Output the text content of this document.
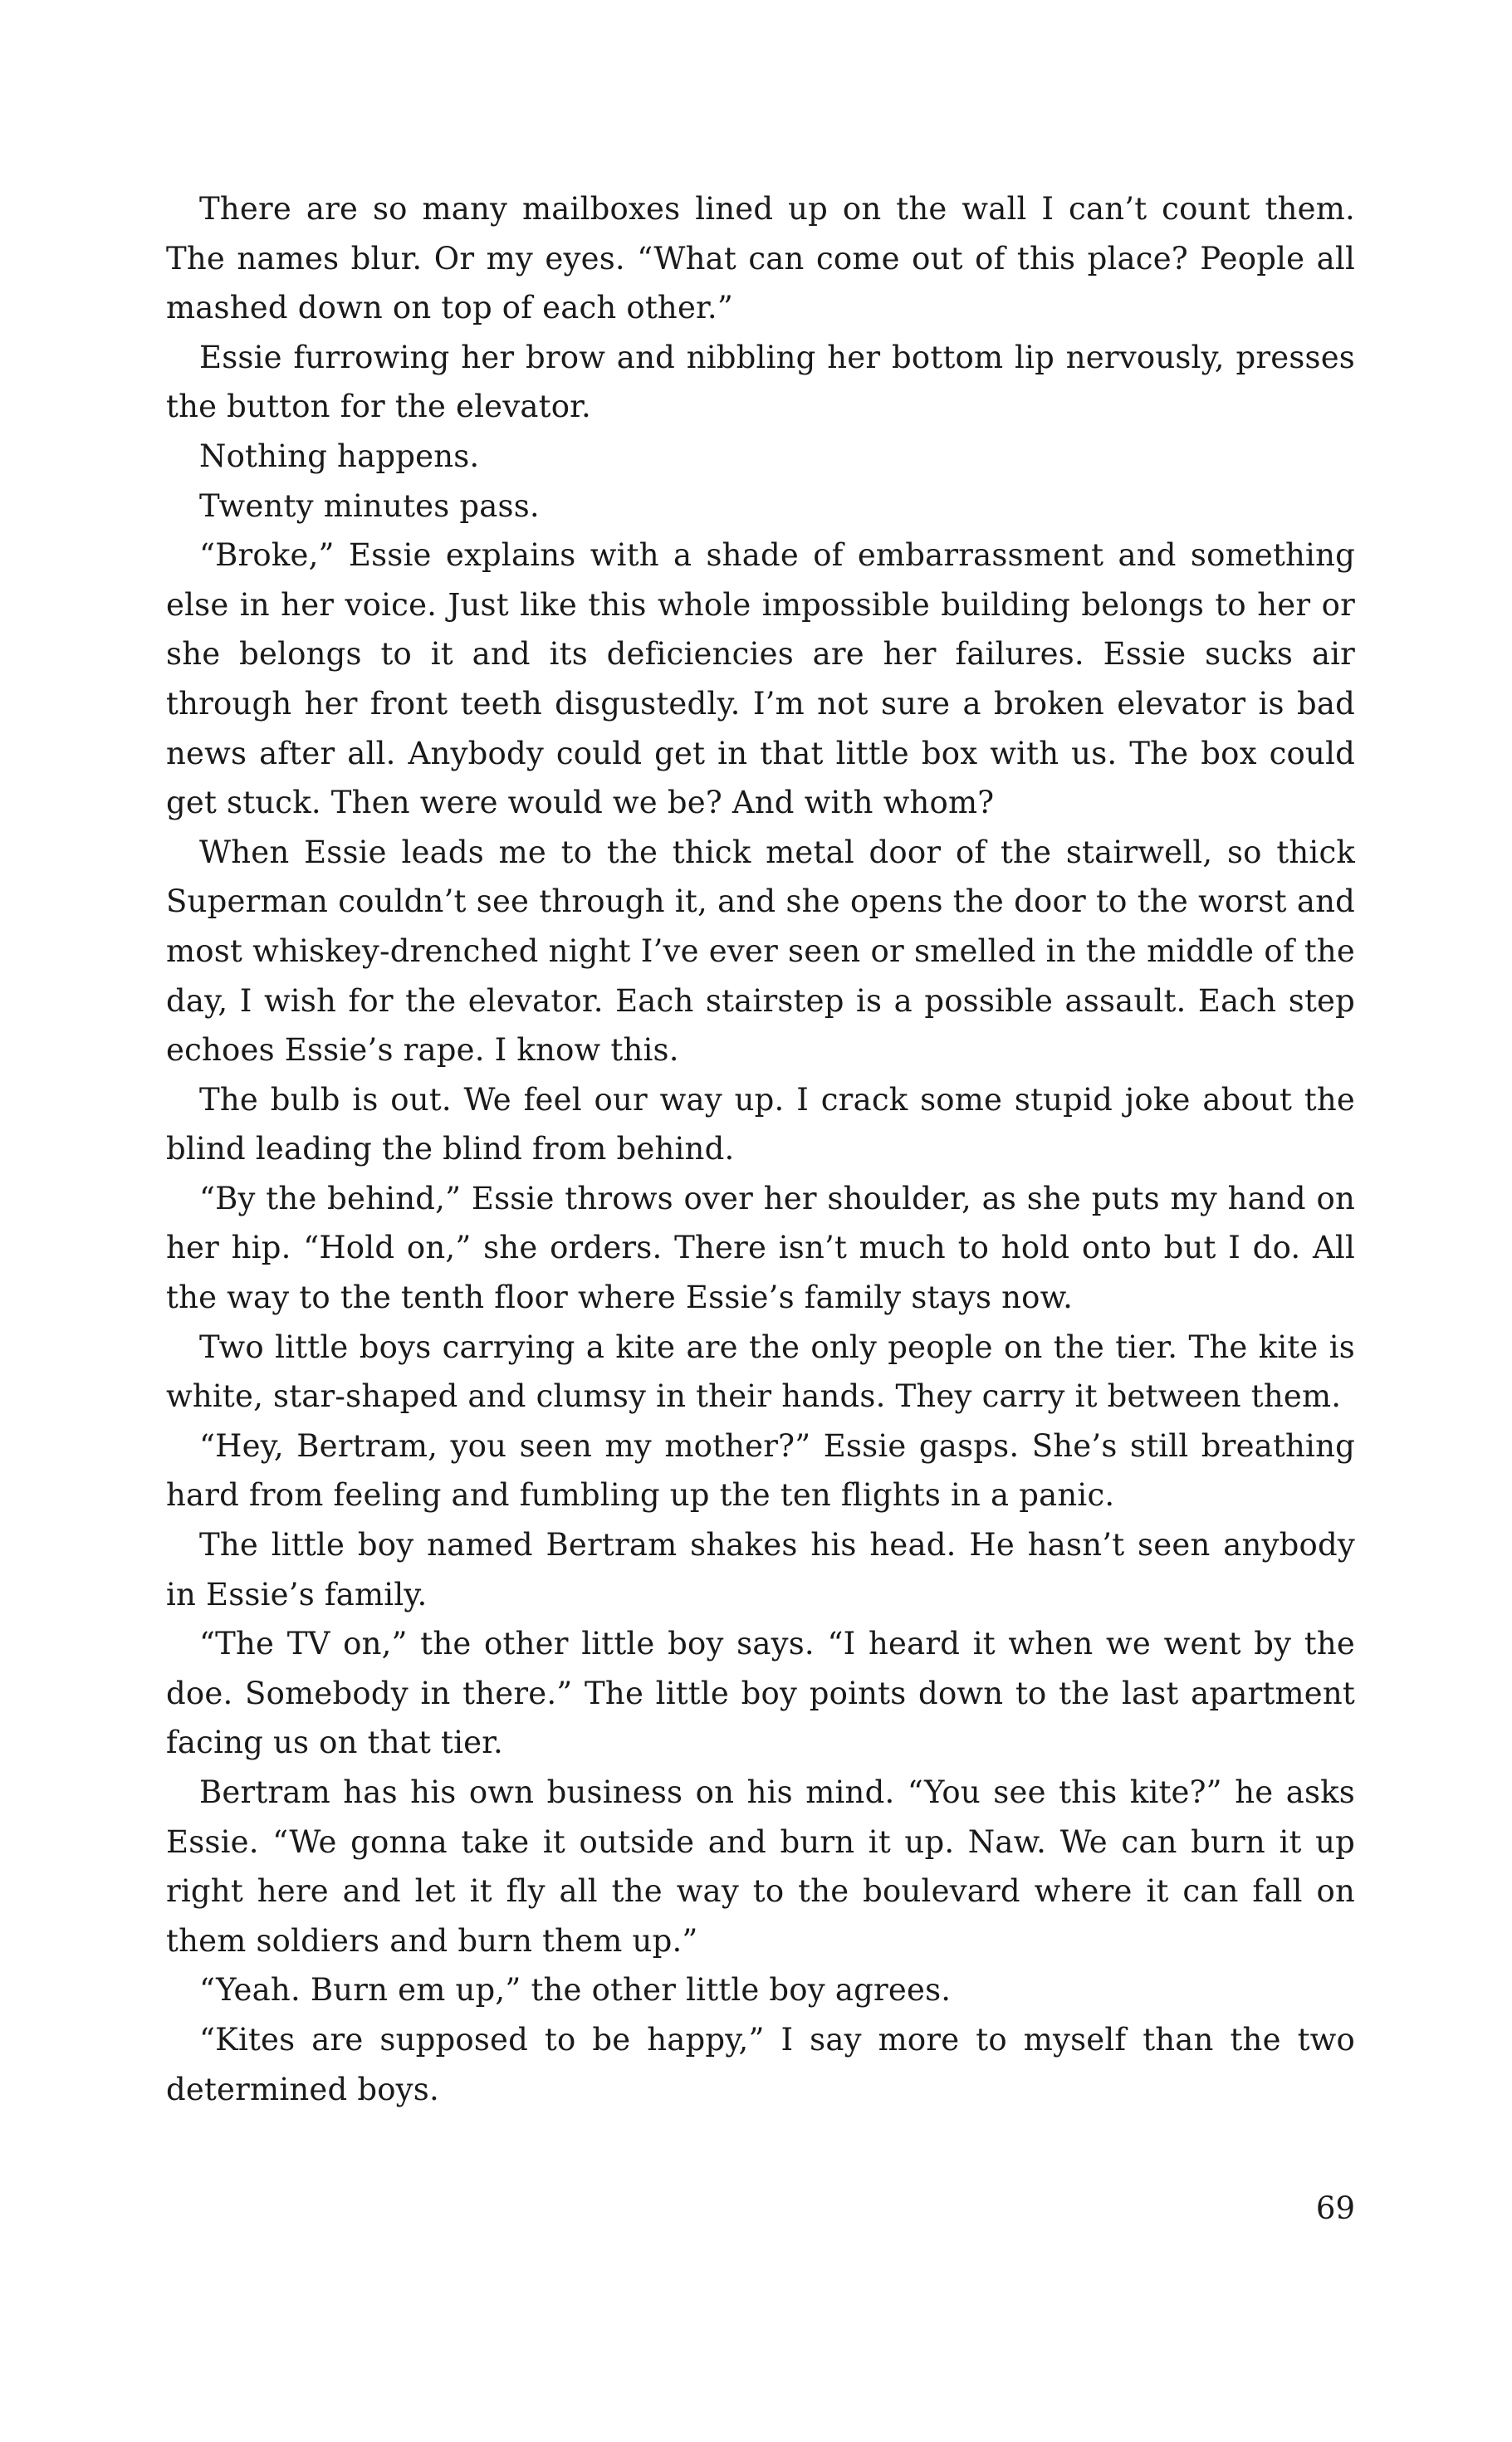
There are so many mailboxes lined up on the wall I can’t count them. The names blur. Or my eyes. “What can come out of this place? People all mashed down on top of each other.”

Essie furrowing her brow and nibbling her bottom lip nervously, presses the button for the elevator.

Nothing happens.

Twenty minutes pass.

“Broke,” Essie explains with a shade of embarrassment and something else in her voice. Just like this whole impossible building belongs to her or she belongs to it and its deficiencies are her failures. Essie sucks air through her front teeth disgustedly. I’m not sure a broken elevator is bad news after all. Anybody could get in that little box with us. The box could get stuck. Then were would we be? And with whom?

When Essie leads me to the thick metal door of the stairwell, so thick Superman couldn’t see through it, and she opens the door to the worst and most whiskey-drenched night I’ve ever seen or smelled in the middle of the day, I wish for the elevator. Each stairstep is a possible assault. Each step echoes Essie’s rape. I know this.

The bulb is out. We feel our way up. I crack some stupid joke about the blind leading the blind from behind.

“By the behind,” Essie throws over her shoulder, as she puts my hand on her hip. “Hold on,” she orders. There isn’t much to hold onto but I do. All the way to the tenth floor where Essie’s family stays now.

Two little boys carrying a kite are the only people on the tier. The kite is white, star-shaped and clumsy in their hands. They carry it between them.

“Hey, Bertram, you seen my mother?” Essie gasps. She’s still breathing hard from feeling and fumbling up the ten flights in a panic.

The little boy named Bertram shakes his head. He hasn’t seen anybody in Essie’s family.

“The TV on,” the other little boy says. “I heard it when we went by the doe. Somebody in there.” The little boy points down to the last apartment facing us on that tier.

Bertram has his own business on his mind. “You see this kite?” he asks Essie. “We gonna take it outside and burn it up. Naw. We can burn it up right here and let it fly all the way to the boulevard where it can fall on them soldiers and burn them up.”

“Yeah. Burn em up,” the other little boy agrees.

“Kites are supposed to be happy,” I say more to myself than the two determined boys.

69
